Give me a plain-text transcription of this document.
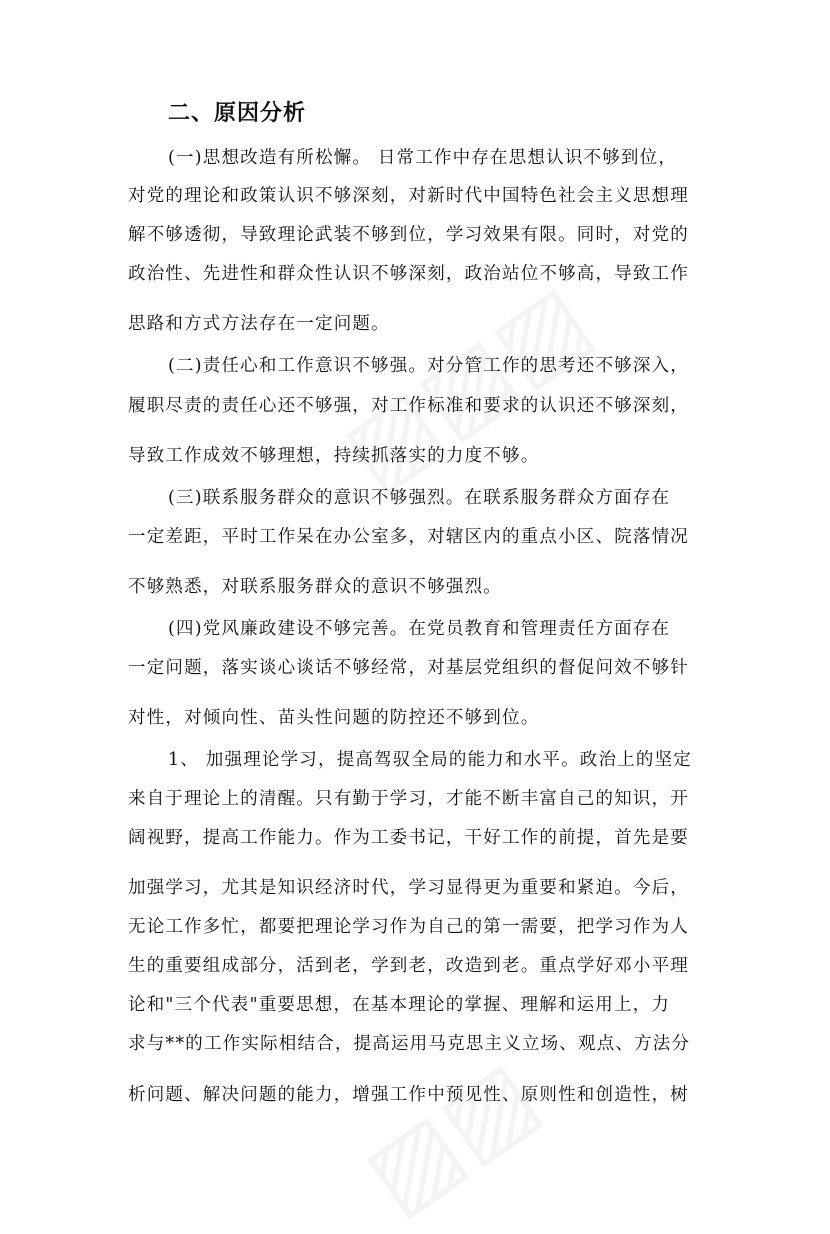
二、原因分析
(一)思想改造有所松懈。 日常工作中存在思想认识不够到位，
对党的理论和政策认识不够深刻，对新时代中国特色社会主义思想理
解不够透彻，导致理论武装不够到位，学习效果有限。同时，对党的
政治性、先进性和群众性认识不够深刻，政治站位不够高，导致工作
思路和方式方法存在一定问题。
(二)责任心和工作意识不够强。对分管工作的思考还不够深入，
履职尽责的责任心还不够强，对工作标准和要求的认识还不够深刻，
导致工作成效不够理想，持续抓落实的力度不够。
(三)联系服务群众的意识不够强烈。在联系服务群众方面存在
一定差距，平时工作呆在办公室多，对辖区内的重点小区、院落情况
不够熟悉，对联系服务群众的意识不够强烈。
(四)党风廉政建设不够完善。在党员教育和管理责任方面存在
一定问题，落实谈心谈话不够经常，对基层党组织的督促问效不够针
对性，对倾向性、苗头性问题的防控还不够到位。
1、 加强理论学习，提高驾驭全局的能力和水平。政治上的坚定
来自于理论上的清醒。只有勤于学习，才能不断丰富自己的知识，开
阔视野，提高工作能力。作为工委书记，干好工作的前提，首先是要
加强学习，尤其是知识经济时代，学习显得更为重要和紧迫。今后，
无论工作多忙，都要把理论学习作为自己的第一需要，把学习作为人
生的重要组成部分，活到老，学到老，改造到老。重点学好邓小平理
论和"三个代表"重要思想，在基本理论的掌握、理解和运用上，力
求与**的工作实际相结合，提高运用马克思主义立场、观点、方法分
析问题、解决问题的能力，增强工作中预见性、原则性和创造性，树
